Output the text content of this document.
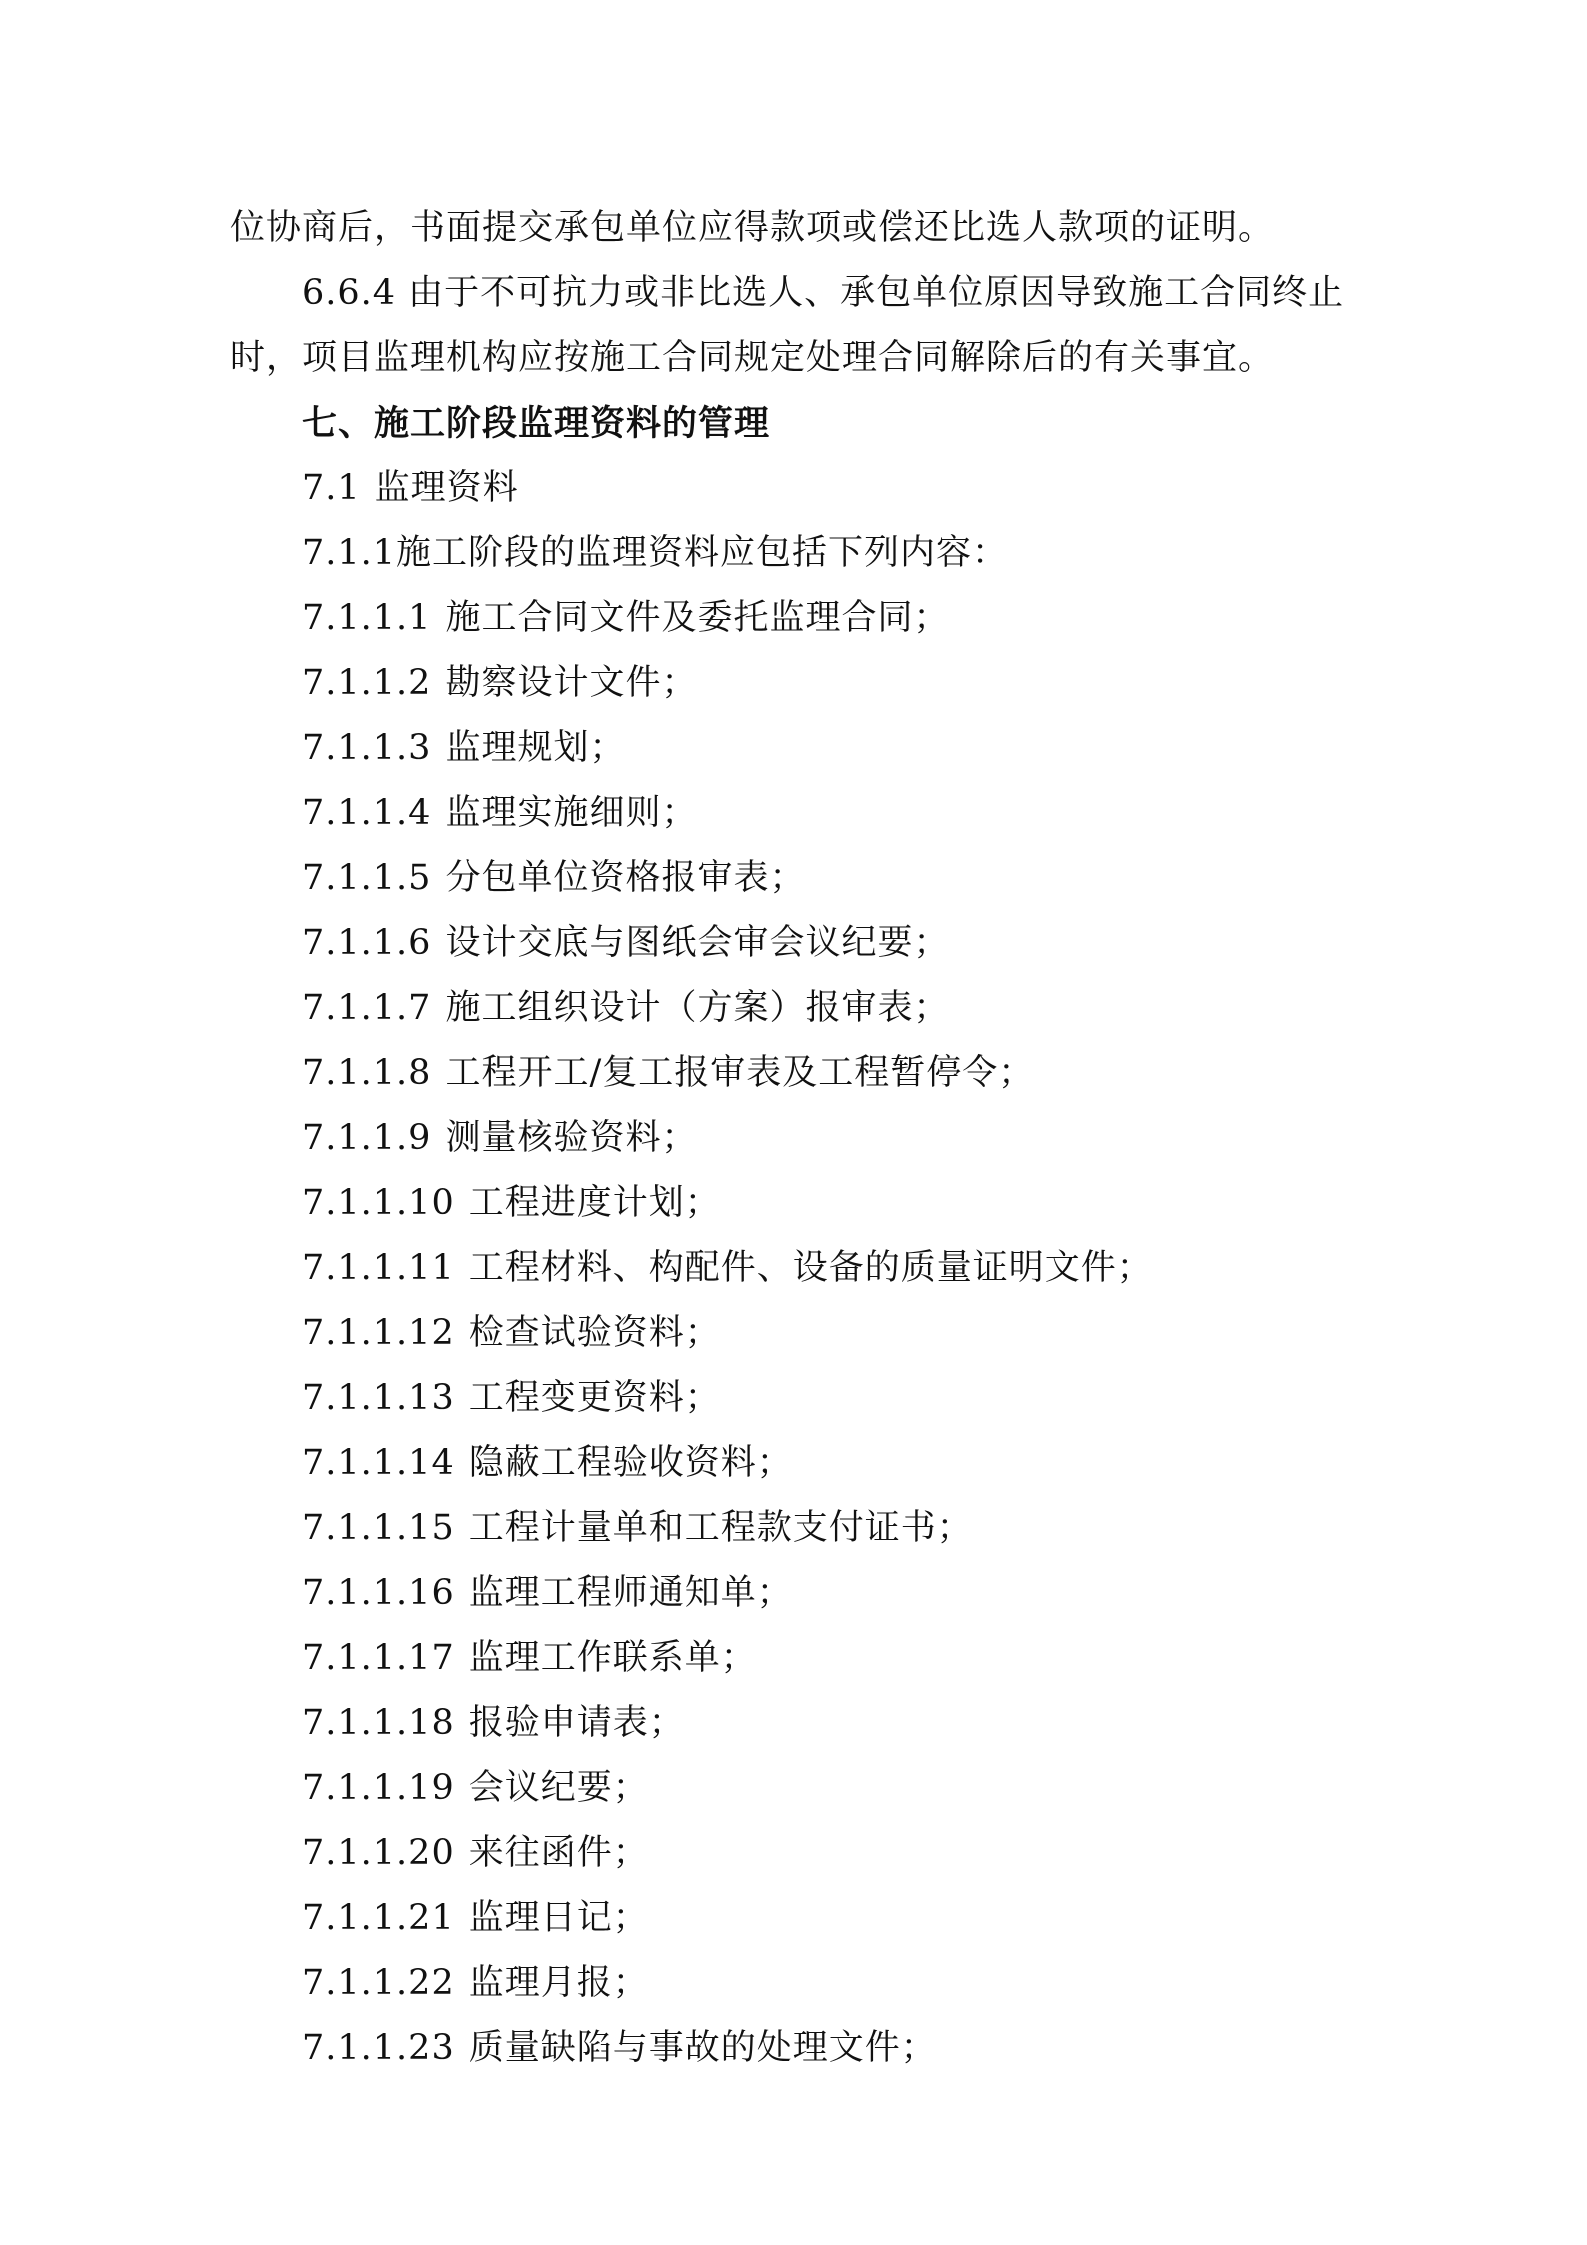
位协商后，书面提交承包单位应得款项或偿还比选人款项的证明。
6.6.4 由于不可抗力或非比选人、承包单位原因导致施工合同终止
时，项目监理机构应按施工合同规定处理合同解除后的有关事宜。
七、施工阶段监理资料的管理
7.1 监理资料
7.1.1施工阶段的监理资料应包括下列内容：
7.1.1.1 施工合同文件及委托监理合同；
7.1.1.2 勘察设计文件；
7.1.1.3 监理规划；
7.1.1.4 监理实施细则；
7.1.1.5 分包单位资格报审表；
7.1.1.6 设计交底与图纸会审会议纪要；
7.1.1.7 施工组织设计（方案）报审表；
7.1.1.8 工程开工/复工报审表及工程暂停令；
7.1.1.9 测量核验资料；
7.1.1.10 工程进度计划；
7.1.1.11 工程材料、构配件、设备的质量证明文件；
7.1.1.12 检查试验资料；
7.1.1.13 工程变更资料；
7.1.1.14 隐蔽工程验收资料；
7.1.1.15 工程计量单和工程款支付证书；
7.1.1.16 监理工程师通知单；
7.1.1.17 监理工作联系单；
7.1.1.18 报验申请表；
7.1.1.19 会议纪要；
7.1.1.20 来往函件；
7.1.1.21 监理日记；
7.1.1.22 监理月报；
7.1.1.23 质量缺陷与事故的处理文件；
